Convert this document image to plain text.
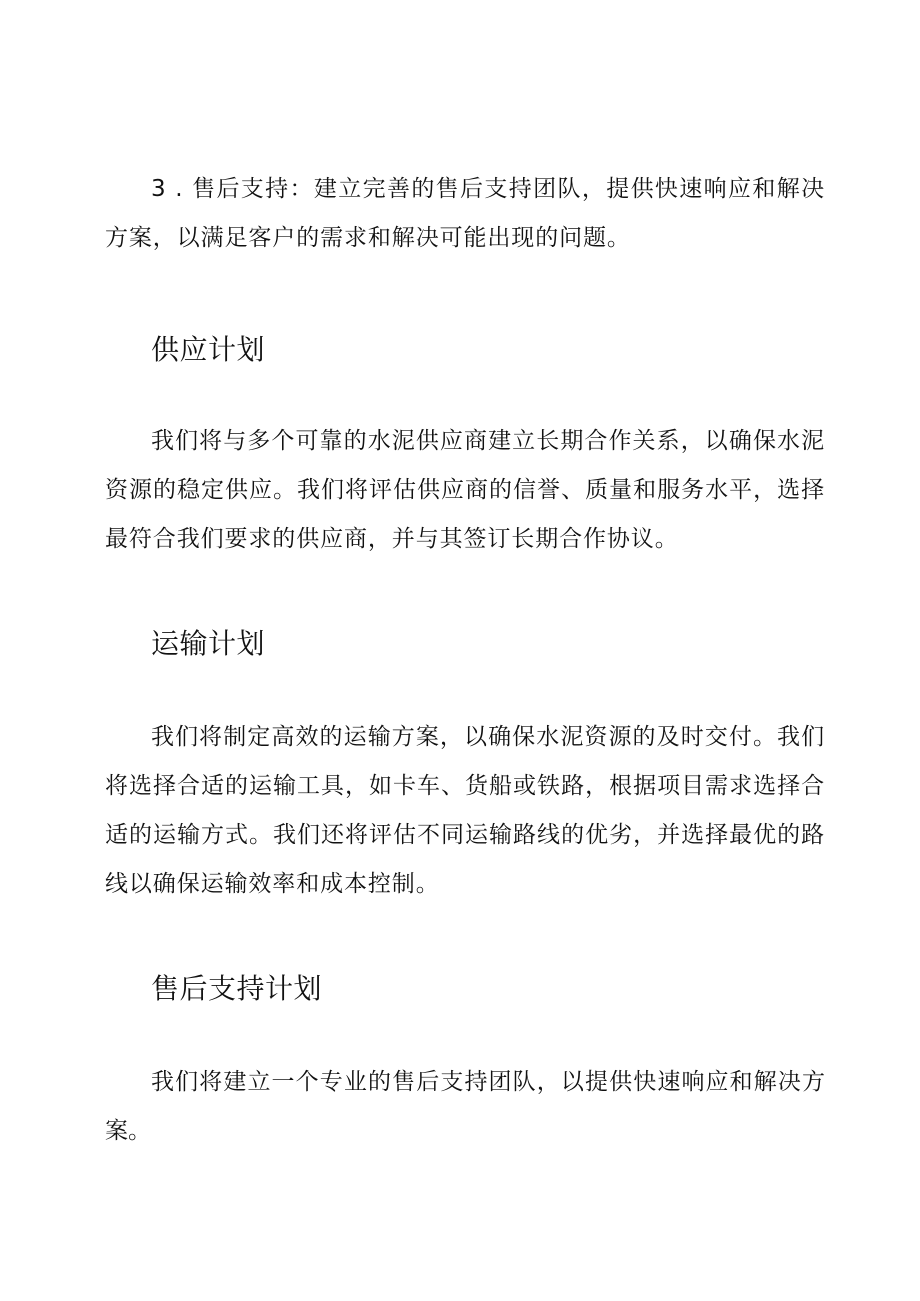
3 . 售后支持：建立完善的售后支持团队，提供快速响应和解决方案，以满足客户的需求和解决可能出现的问题。

供应计划

我们将与多个可靠的水泥供应商建立长期合作关系，以确保水泥资源的稳定供应。我们将评估供应商的信誉、质量和服务水平，选择最符合我们要求的供应商，并与其签订长期合作协议。

运输计划

我们将制定高效的运输方案，以确保水泥资源的及时交付。我们将选择合适的运输工具，如卡车、货船或铁路，根据项目需求选择合适的运输方式。我们还将评估不同运输路线的优劣，并选择最优的路线以确保运输效率和成本控制。

售后支持计划

我们将建立一个专业的售后支持团队，以提供快速响应和解决方案。
